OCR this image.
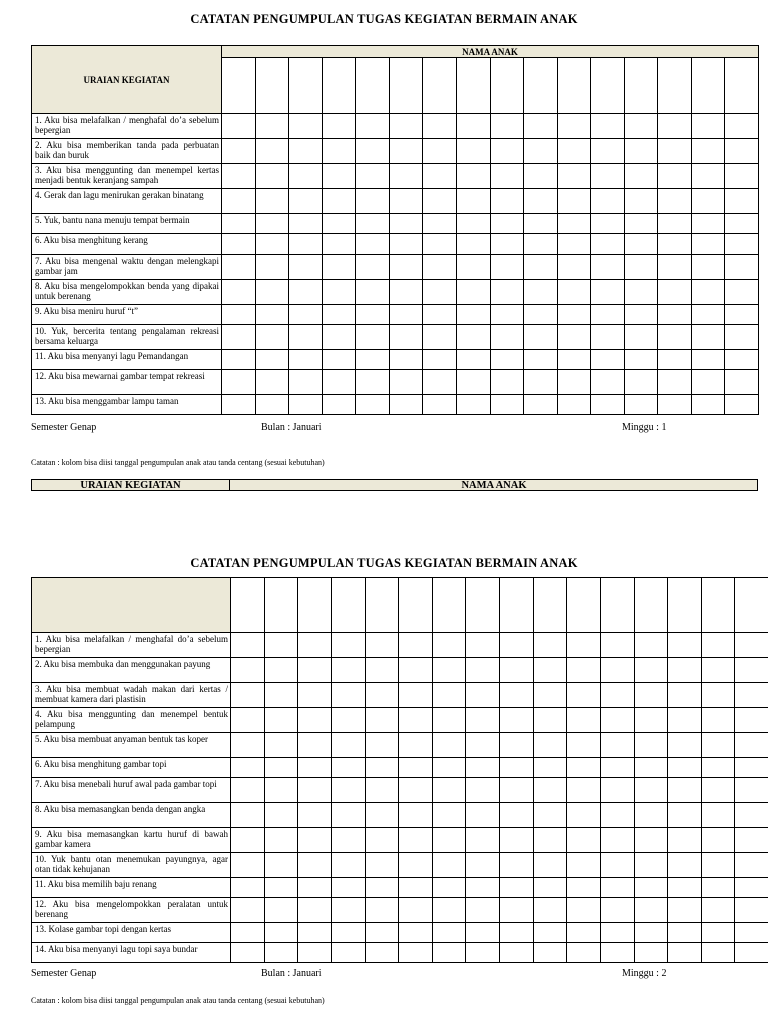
CATATAN PENGUMPULAN TUGAS KEGIATAN BERMAIN ANAK
URAIAN KEGIATAN	NAMA ANAK															

1. Aku bisa melafalkan / menghafal do’a sebelum bepergian																
2. Aku bisa memberikan tanda pada perbuatan baik dan buruk																
3. Aku bisa menggunting dan menempel kertas menjadi bentuk keranjang sampah																
4. Gerak dan lagu menirukan gerakan binatang																
5. Yuk, bantu nana menuju tempat bermain																
6. Aku bisa menghitung kerang																
7. Aku bisa mengenal waktu dengan melengkapi gambar jam																
8. Aku bisa mengelompokkan benda yang dipakai untuk berenang																
9. Aku bisa meniru huruf “t”																
10. Yuk, bercerita tentang pengalaman rekreasi bersama keluarga																
11. Aku bisa menyanyi lagu Pemandangan																
12. Aku bisa mewarnai gambar tempat rekreasi																
13. Aku bisa menggambar lampu taman																
Semester Genap	Bulan : Januari	Minggu : 1
Catatan : kolom bisa diisi tanggal pengumpulan anak atau tanda centang (sesuai kebutuhan)
URAIAN KEGIATAN	NAMA ANAK
CATATAN PENGUMPULAN TUGAS KEGIATAN BERMAIN ANAK

1. Aku bisa melafalkan / menghafal do’a sebelum bepergian																
2. Aku bisa membuka dan menggunakan payung																
3. Aku bisa membuat wadah makan dari kertas / membuat kamera dari plastisin																
4. Aku bisa menggunting dan menempel bentuk pelampung																
5. Aku bisa membuat anyaman bentuk tas koper																
6. Aku bisa menghitung gambar topi																
7. Aku bisa menebali huruf awal pada gambar topi																
8. Aku bisa memasangkan benda dengan angka																
9. Aku bisa memasangkan kartu huruf di bawah gambar kamera																
10. Yuk bantu otan menemukan payungnya, agar otan tidak kehujanan																
11. Aku bisa memilih baju renang																
12. Aku bisa mengelompokkan peralatan untuk berenang																
13. Kolase gambar topi dengan kertas																
14. Aku bisa menyanyi lagu topi saya bundar																
Semester Genap	Bulan : Januari	Minggu : 2
Catatan : kolom bisa diisi tanggal pengumpulan anak atau tanda centang (sesuai kebutuhan)
